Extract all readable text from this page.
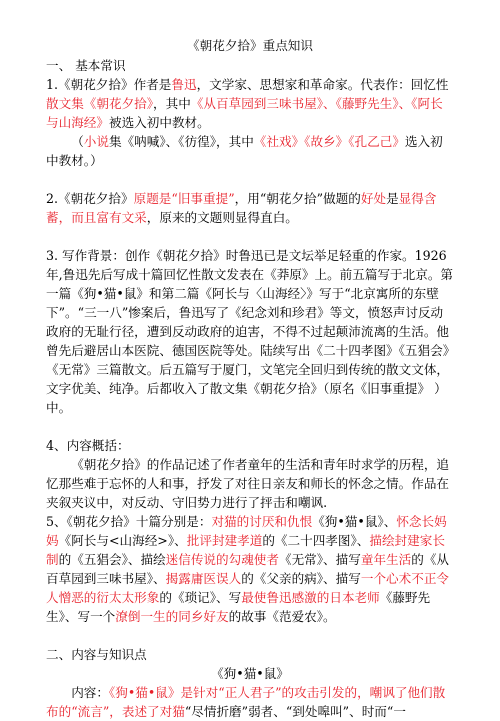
《朝花夕拾》重点知识

一、 基本常识

1.《朝花夕拾》作者是鲁迅，文学家、思想家和革命家。代表作：回忆性散文集《朝花夕拾》，其中《从百草园到三味书屋》、《藤野先生》、《阿长与山海经》被选入初中教材。

（小说集《呐喊》、《彷徨》，其中《社戏》《故乡》《孔乙己》选入初中教材。）

2.《朝花夕拾》原题是“旧事重提”，用“朝花夕拾”做题的好处是显得含蓄，而且富有文采，原来的文题则显得直白。

3. 写作背景：创作《朝花夕拾》时鲁迅已是文坛举足轻重的作家。1926年,鲁迅先后写成十篇回忆性散文发表在《莽原》上。前五篇写于北京。第一篇《狗•猫•鼠》和第二篇《阿长与〈山海经〉》写于“北京寓所的东壁下”。“三一八”惨案后，鲁迅写了《纪念刘和珍君》等文，愤怒声讨反动政府的无耻行径，遭到反动政府的迫害，不得不过起颠沛流离的生活。他曾先后避居山本医院、德国医院等处。陆续写出《二十四孝图》《五猖会》《无常》三篇散文。后五篇写于厦门，文笔完全回归到传统的散文文体，文字优美、纯净。后都收入了散文集《朝花夕拾》（原名《旧事重提》 ） 中。

4、内容概括：

《朝花夕拾》的作品记述了作者童年的生活和青年时求学的历程，追忆那些难于忘怀的人和事，抒发了对往日亲友和师长的怀念之情。作品在夹叙夹议中，对反动、守旧势力进行了抨击和嘲讽.

5、《朝花夕拾》十篇分别是：对猫的讨厌和仇恨《狗•猫•鼠》、怀念长妈妈《阿长与<山海经>》、批评封建孝道的《二十四孝图》、描绘封建家长制的《五猖会》、描绘迷信传说的勾魂使者《无常》、描写童年生活的《从百草园到三味书屋》、揭露庸医误人的《父亲的病》、描写一个心术不正令人憎恶的衍太太形象的《琐记》、写最使鲁迅感激的日本老师《藤野先生》、写一个潦倒一生的同乡好友的故事《范爱农》。

二、内容与知识点

《狗•猫•鼠》

内容：《狗•猫•鼠》是针对“正人君子”的攻击引发的，嘲讽了他们散布的“流言”，表述了对猫“尽情折磨”弱者、“到处嗥叫”、时而“一
